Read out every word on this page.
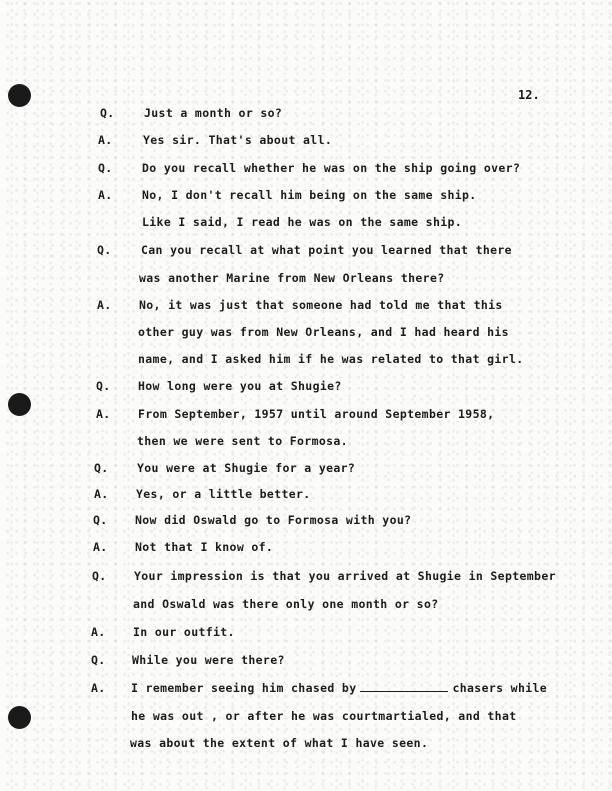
12.
Q.	Just a month or so?
A.	Yes sir. That's about all.
Q.	Do you recall whether he was on the ship going over?
A.	No, I don't recall him being on the same ship.
Like I said, I read he was on the same ship.
Q.	Can you recall at what point you learned that there
was another Marine from New Orleans there?
A.	No, it was just that someone had told me that this
other guy was from New Orleans, and I had heard his
name, and I asked him if he was related to that girl.
Q.	How long were you at Shugie?
A.	From September, 1957 until around September 1958,
then we were sent to Formosa.
Q.	You were at Shugie for a year?
A.	Yes, or a little better.
Q.	Now did Oswald go to Formosa with you?
A.	Not that I know of.
Q.	Your impression is that you arrived at Shugie in September
and Oswald was there only one month or so?
A.	In our outfit.
Q.	While you were there?
A.	I remember seeing him chased by	chasers while
he was out , or after he was courtmartialed, and that
was about the extent of what I have seen.
